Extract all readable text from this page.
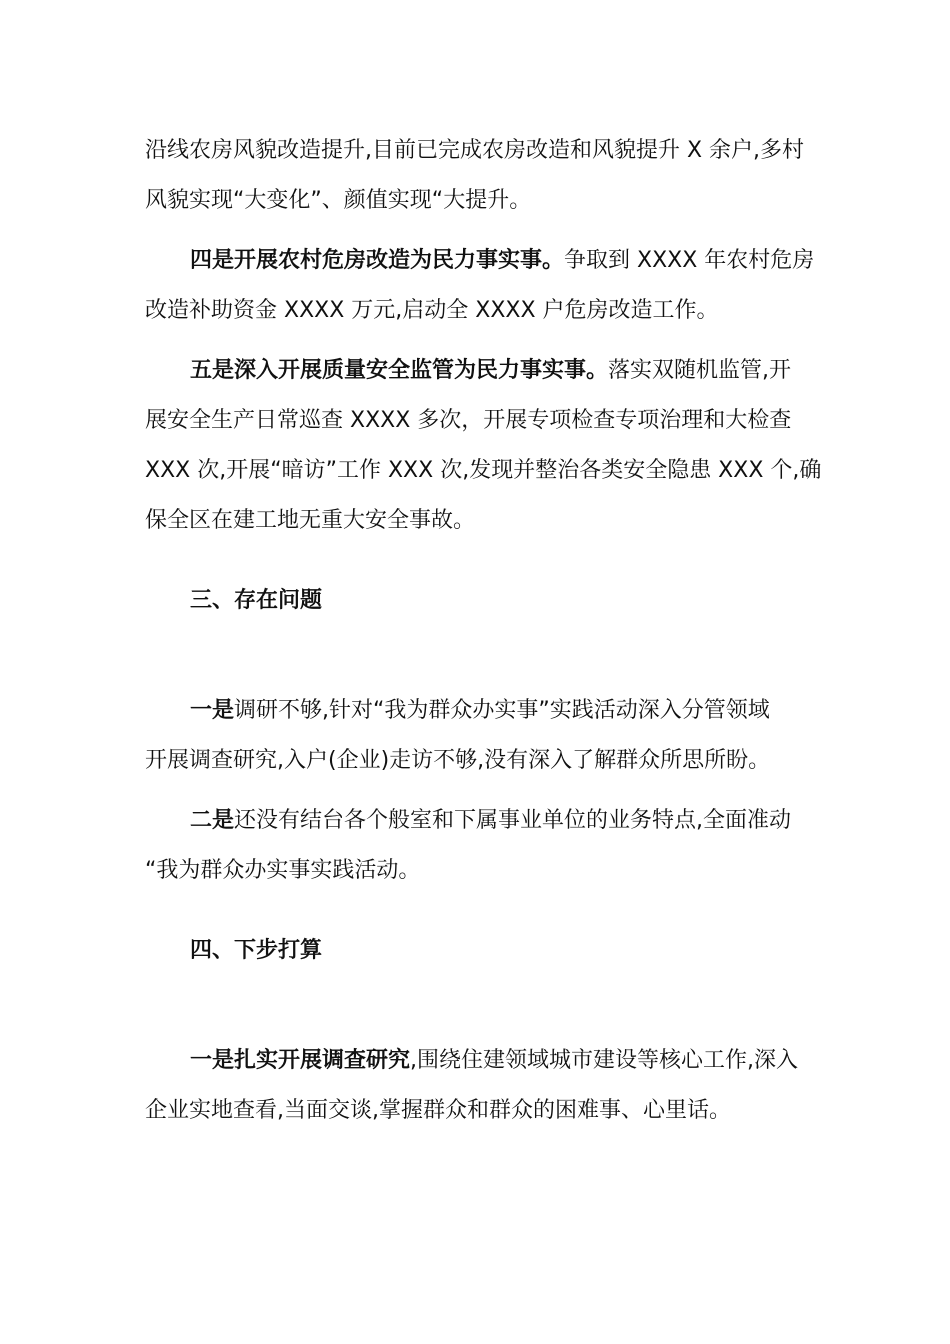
沿线农房风貌改造提升,目前已完成农房改造和风貌提升 X 余户,多村
风貌实现“大变化”、颜值实现“大提升。
四是开展农村危房改造为民力事实事。争取到 XXXX 年农村危房
改造补助资金 XXXX 万元,启动全 XXXX 户危房改造工作。
五是深入开展质量安全监管为民力事实事。落实双随机监管,开
展安全生产日常巡查 XXXX 多次，开展专项检查专项治理和大检查
XXX 次,开展“暗访”工作 XXX 次,发现并整治各类安全隐患 XXX 个,确
保全区在建工地无重大安全事故。
三、存在问题
一是调研不够,针对“我为群众办实事”实践活动深入分管领域
开展调查研究,入户(企业)走访不够,没有深入了解群众所思所盼。
二是还没有结台各个般室和下属事业单位的业务特点,全面准动
“我为群众办实事实践活动。
四、下步打算
一是扎实开展调查研究,围绕住建领域城市建设等核心工作,深入
企业实地查看,当面交谈,掌握群众和群众的困难事、心里话。
